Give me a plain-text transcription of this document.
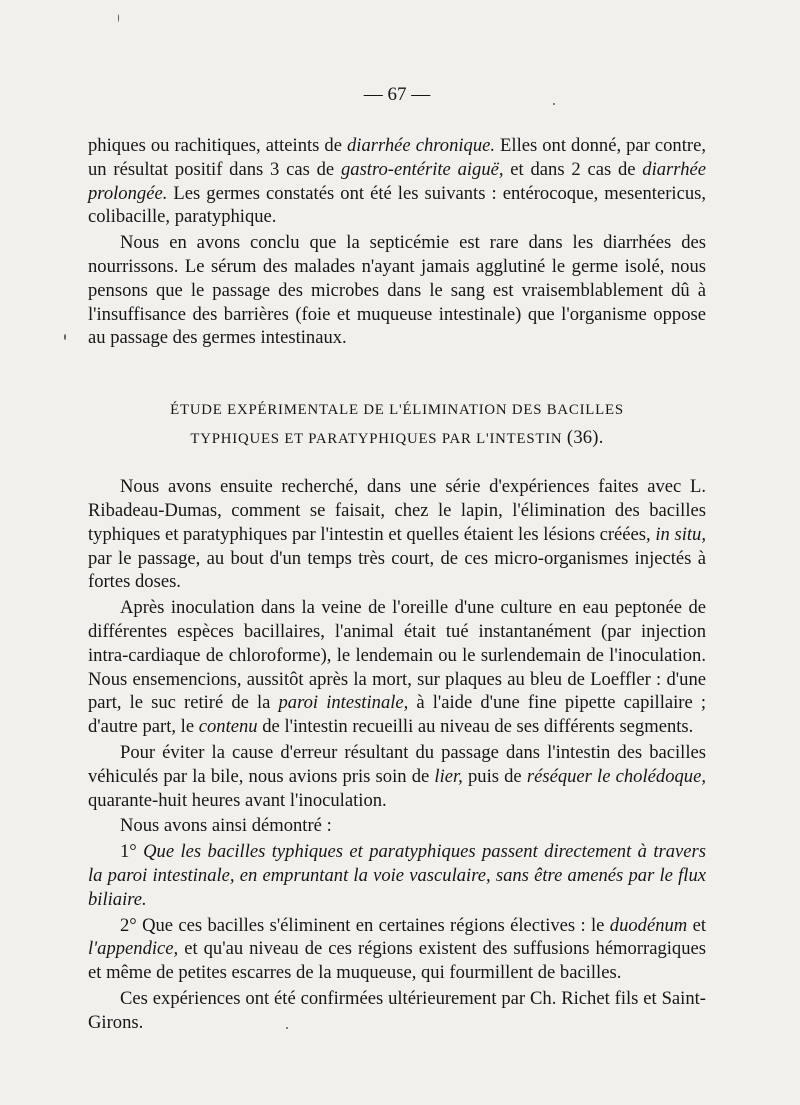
— 67 —

phiques ou rachitiques, atteints de diarrhée chronique. Elles ont donné, par contre, un résultat positif dans 3 cas de gastro-entérite aiguë, et dans 2 cas de diarrhée prolongée. Les germes constatés ont été les suivants : entérocoque, mesentericus, colibacille, paratyphique.

Nous en avons conclu que la septicémie est rare dans les diarrhées des nourrissons. Le sérum des malades n'ayant jamais agglutiné le germe isolé, nous pensons que le passage des microbes dans le sang est vraisemblablement dû à l'insuffisance des barrières (foie et muqueuse intestinale) que l'organisme oppose au passage des germes intestinaux.

ÉTUDE EXPÉRIMENTALE DE L'ÉLIMINATION DES BACILLES
TYPHIQUES ET PARATYPHIQUES PAR L'INTESTIN (36).

Nous avons ensuite recherché, dans une série d'expériences faites avec L. Ribadeau-Dumas, comment se faisait, chez le lapin, l'élimination des bacilles typhiques et paratyphiques par l'intestin et quelles étaient les lésions créées, in situ, par le passage, au bout d'un temps très court, de ces micro-organismes injectés à fortes doses.

Après inoculation dans la veine de l'oreille d'une culture en eau peptonée de différentes espèces bacillaires, l'animal était tué instantanément (par injection intra-cardiaque de chloroforme), le lendemain ou le surlendemain de l'inoculation. Nous ensemencions, aussitôt après la mort, sur plaques au bleu de Loeffler : d'une part, le suc retiré de la paroi intestinale, à l'aide d'une fine pipette capillaire ; d'autre part, le contenu de l'intestin recueilli au niveau de ses différents segments.

Pour éviter la cause d'erreur résultant du passage dans l'intestin des bacilles véhiculés par la bile, nous avions pris soin de lier, puis de réséquer le cholédoque, quarante-huit heures avant l'inoculation.

Nous avons ainsi démontré :

1° Que les bacilles typhiques et paratyphiques passent directement à travers la paroi intestinale, en empruntant la voie vasculaire, sans être amenés par le flux biliaire.

2° Que ces bacilles s'éliminent en certaines régions électives : le duodénum et l'appendice, et qu'au niveau de ces régions existent des suffusions hémorragiques et même de petites escarres de la muqueuse, qui fourmillent de bacilles.

Ces expériences ont été confirmées ultérieurement par Ch. Richet fils et Saint-Girons.
